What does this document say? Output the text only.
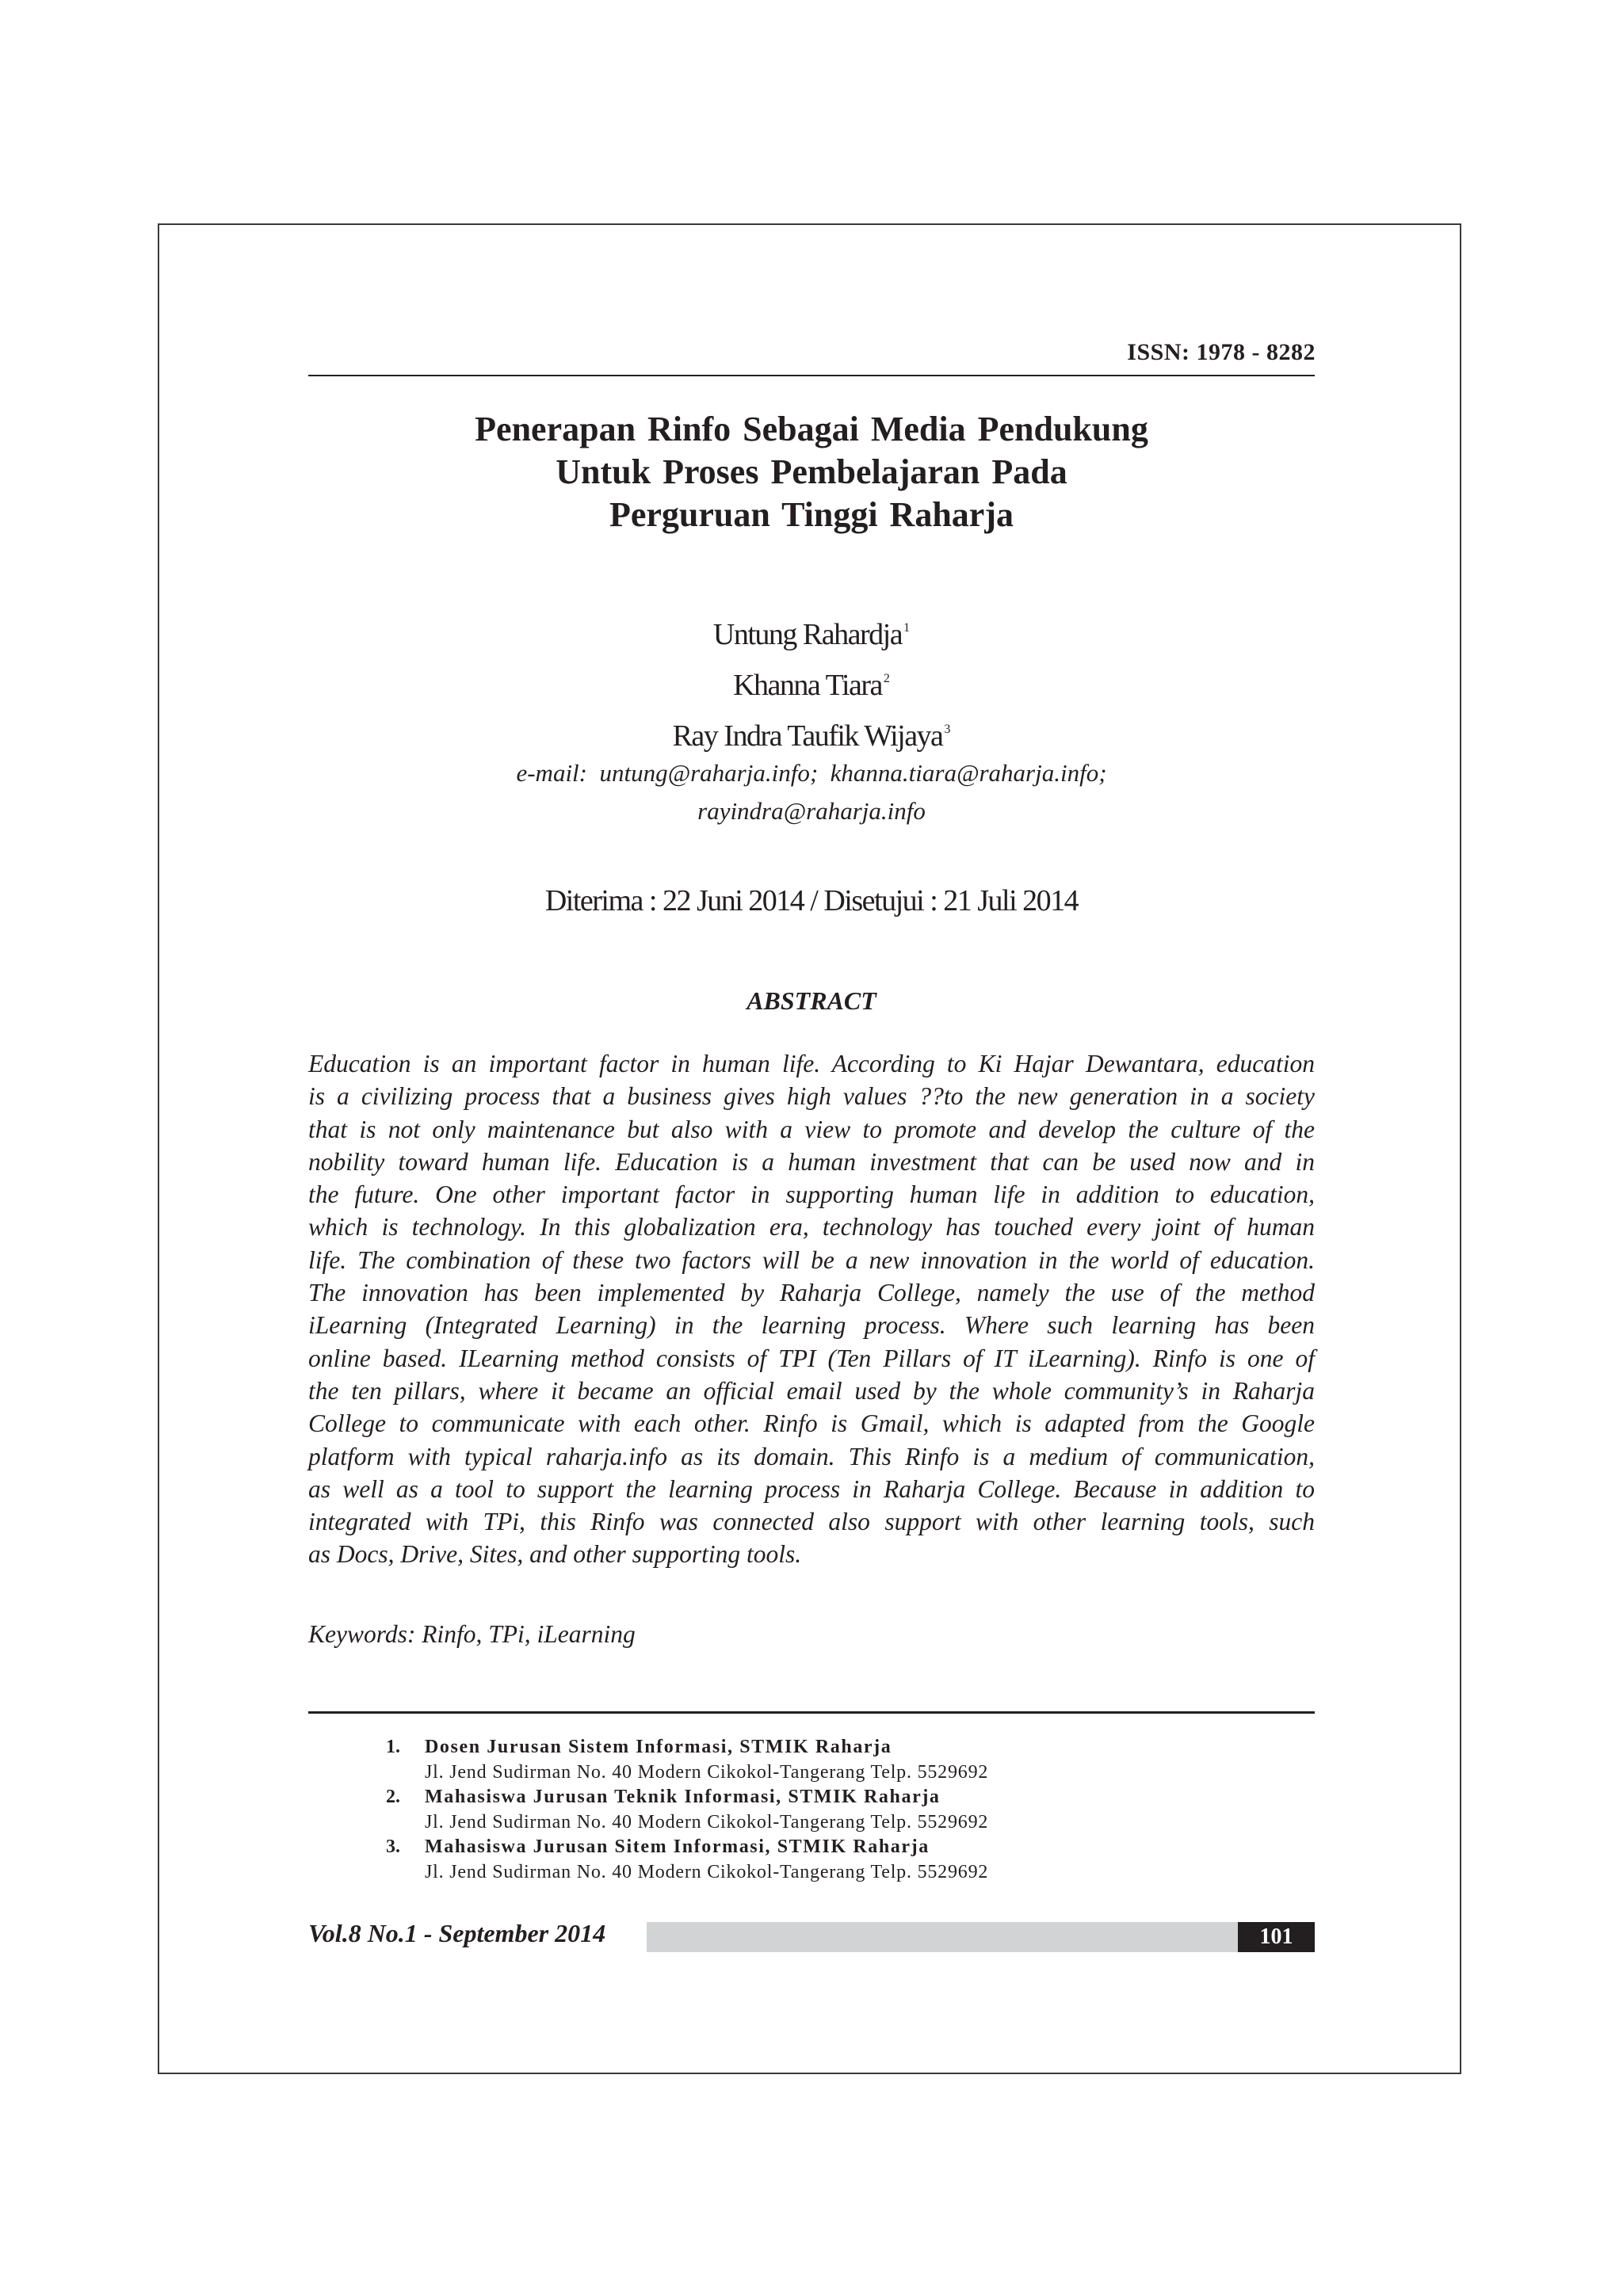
ISSN: 1978 - 8282
Penerapan Rinfo Sebagai Media Pendukung
Untuk Proses Pembelajaran Pada
Perguruan Tinggi Raharja
Untung Rahardja $^1$
Khanna Tiara $^2$
Ray Indra Taufik Wijaya $^3$
e-mail:  untung@raharja.info;  khanna.tiara@raharja.info;
rayindra@raharja.info
Diterima : 22 Juni 2014 / Disetujui : 21 Juli 2014
ABSTRACT
Education is an important factor in human life. According to Ki Hajar Dewantara, education
is a civilizing process that a business gives high values ??to the new generation in a society
that is not only maintenance but also with a view to promote and develop the culture of the
nobility toward human life. Education is a human investment that can be used now and in
the future. One other important factor in supporting human life in addition to education,
which is technology. In this globalization era, technology has touched every joint of human
life. The combination of these two factors will be a new innovation in the world of education.
The innovation has been implemented by Raharja College, namely the use of the method
iLearning (Integrated Learning) in the learning process. Where such learning has been
online based. ILearning method consists of TPI (Ten Pillars of IT iLearning). Rinfo is one of
the ten pillars, where it became an official email used by the whole community’s in Raharja
College to communicate with each other. Rinfo is Gmail, which is adapted from the Google
platform with typical raharja.info as its domain. This Rinfo is a medium of communication,
as well as a tool to support the learning process in Raharja College. Because in addition to
integrated with TPi, this Rinfo was connected also support with other learning tools, such
as Docs, Drive, Sites, and other supporting tools.
Keywords: Rinfo, TPi, iLearning
1.	Dosen Jurusan Sistem Informasi, STMIK Raharja
Jl. Jend Sudirman No. 40 Modern Cikokol-Tangerang Telp. 5529692
2.	Mahasiswa Jurusan Teknik Informasi, STMIK Raharja
Jl. Jend Sudirman No. 40 Modern Cikokol-Tangerang Telp. 5529692
3.	Mahasiswa Jurusan Sitem Informasi, STMIK Raharja
Jl. Jend Sudirman No. 40 Modern Cikokol-Tangerang Telp. 5529692
Vol.8 No.1 - September 2014	101
